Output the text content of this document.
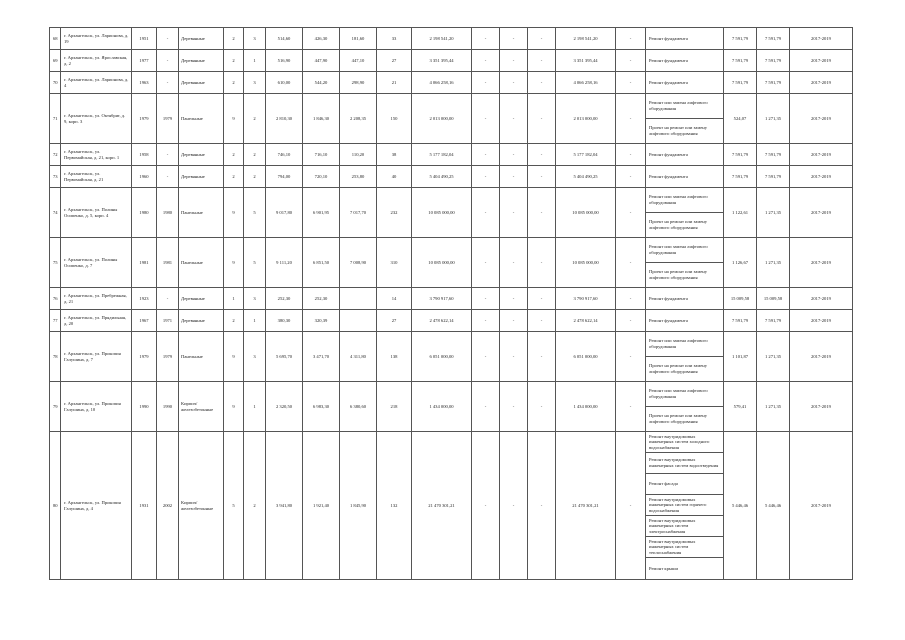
68	г. Архангельск, ул. Ларионова, д. 19	1951	-	Деревянные	2	3	514,60	426,30	181,60	33	2 198 541,20	-	-	-	2 198 541,20	-	Ремонт фундамента	7 591,79	7 591,79	2017-2019
69	г. Архангельск, ул. Ярославская, д. 2	1977	-	Деревянные	2	1	516,90	447,90	447,10	27	3 351 395,44	-	-	-	3 351 395,44	-	Ремонт фундамента	7 591,79	7 591,79	2017-2019
70	г. Архангельск, ул. Ларионова, д. 4	1963	-	Деревянные	2	3	610,00	544,20	298,90	21	4 066 258,16	-	-	-	4 066 258,16	-	Ремонт фундамента	7 591,79	7 591,79	2017-2019
71	г. Архангельск, ул. Октябрят, д. 9, корп. 3	1979	1979	Панельные	9	2	2 810,30	1 846,30	2 208,35	150	2 013 000,00	-	-	-	2 013 000,00	-	Ремонт или замена лифтового оборудования	524,07	1 271,35	2017-2019
																	Проект на ремонт или замену лифтового оборудования			
72	г. Архангельск, ул. Первомайская, д. 21, корп. 1	1958	-	Деревянные	2	2	746,10	716,10	110,20	38	5 177 182,04	-	-	-	5 177 182,04	-	Ремонт фундамента	7 591,79	7 591,79	2017-2019
73	г. Архангельск, ул. Первомайская, д. 21	1960	-	Деревянные	2	2	794,00	720,10	253,80	40	5 404 490,25	-	-	-	5 404 490,25	-	Ремонт фундамента	7 591,79	7 591,79	2017-2019
74	г. Архангельск, ул. Полины Осипенко, д. 5, корп. 4	1980	1980	Панельные	9	5	9 017,80	6 901,95	7 017,70	232	10 085 000,00	-	-	-	10 085 000,00	-	Ремонт или замена лифтового оборудования	1 122,61	1 271,35	2017-2019
																	Проект на ремонт или замену лифтового оборудования			
75	г. Архангельск, ул. Полины Осипенко, д. 7	1981	1981	Панельные	9	5	9 111,20	6 851,50	7 008,90	310	10 085 000,00	-	-	-	10 085 000,00	-	Ремонт или замена лифтового оборудования	1 126,67	1 271,35	2017-2019
																	Проект на ремонт или замену лифтового оборудования			
76	г. Архангельск, ул. Пребрежная, д. 21	1923	-	Деревянные	1	3	252,30	252,30		14	3 790 917,60	-	-	-	3 790 917,60	-	Ремонт фундамента	15 009,58	15 009,58	2017-2019
77	г. Архангельск, ул. Прядильная, д. 20	1967	1971	Деревянные	2	1	380,30	320,39		27	2 478 622,14	-	-	-	2 478 622,14	-	Ремонт фундамента	7 591,79	7 591,79	2017-2019
78	г. Архангельск, ул. Прокопия Галушина, д. 7	1979	1979	Панельные	9	3	5 695,70	3 471,70	4 311,80	138	6 051 000,00	-	-	-	6 051 000,00	-	Ремонт или замена лифтового оборудования	1 101,87	1 271,35	2017-2019
																	Проект на ремонт или замену лифтового оборудования			
79	г. Архангельск, ул. Прокопия Галушина, д. 10	1990	1990	Кирпич/ железобетонные	9	1	2 320,50	6 983,30	6 380,60	218	1 434 000,00	-	-	-	1 434 000,00	-	Ремонт или замена лифтового оборудования	579,41	1 271,35	2017-2019
																	Проект на ремонт или замену лифтового оборудования			
80	г. Архангельск, ул. Прокопия Галушина, д. 4	1931	2002	Кирпич/ железобетонные	5	2	3 941,80	1 921,40	1 845,90	132	21 470 301,21	-	-	-	21 470 301,21	-	Ремонт внутридомовых инженерных систем холодного водоснабжения	5 446,46	5 446,46	2017-2019
																	Ремонт внутридомовых инженерных систем водоотведения			
																	Ремонт фасада			
																	Ремонт внутридомовых инженерных систем горячего водоснабжения			
																	Ремонт внутридомовых инженерных систем электроснабжения			
																	Ремонт внутридомовых инженерных систем теплоснабжения			
																	Ремонт крыши			
